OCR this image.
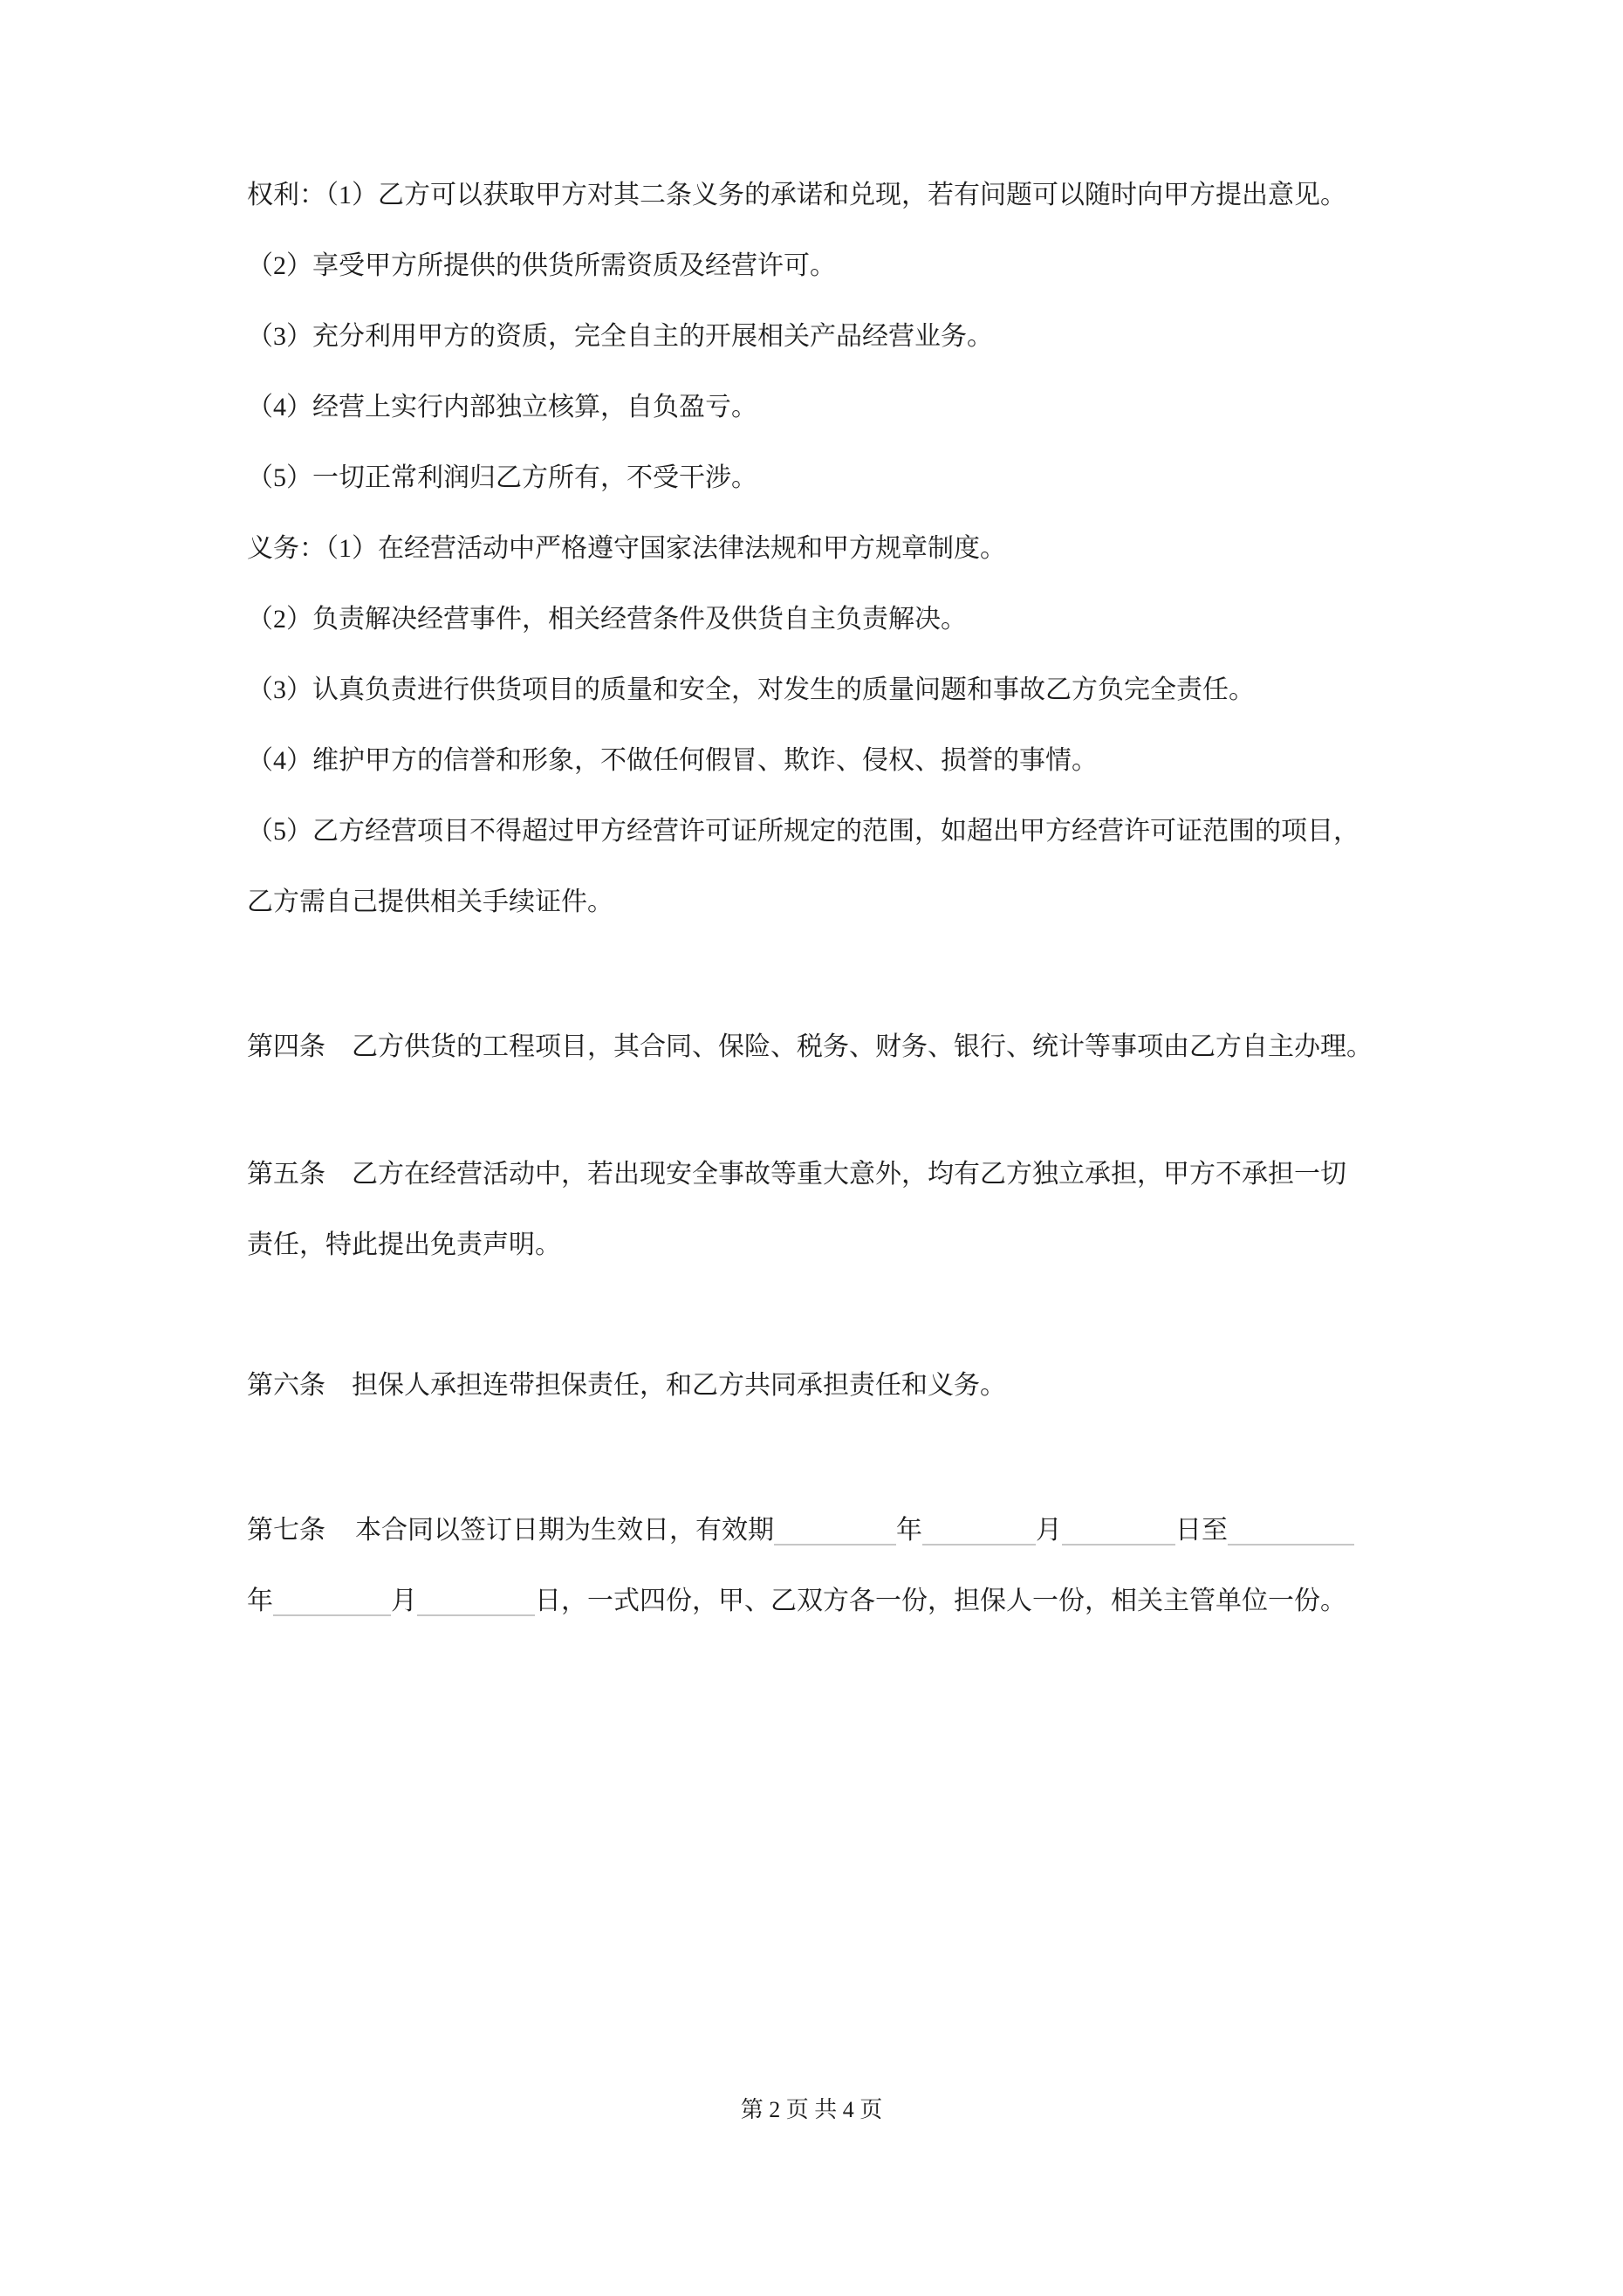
权利：（1）乙方可以获取甲方对其二条义务的承诺和兑现，若有问题可以随时向甲方提出意见。

（2）享受甲方所提供的供货所需资质及经营许可。

（3）充分利用甲方的资质，完全自主的开展相关产品经营业务。

（4）经营上实行内部独立核算，自负盈亏。

（5）一切正常利润归乙方所有，不受干涉。

义务：（1）在经营活动中严格遵守国家法律法规和甲方规章制度。

（2）负责解决经营事件，相关经营条件及供货自主负责解决。

（3）认真负责进行供货项目的质量和安全，对发生的质量问题和事故乙方负完全责任。

（4）维护甲方的信誉和形象，不做任何假冒、欺诈、侵权、损誉的事情。

（5）乙方经营项目不得超过甲方经营许可证所规定的范围，如超出甲方经营许可证范围的项目，

乙方需自己提供相关手续证件。

第四条　乙方供货的工程项目，其合同、保险、税务、财务、银行、统计等事项由乙方自主办理。

第五条　乙方在经营活动中，若出现安全事故等重大意外，均有乙方独立承担，甲方不承担一切

责任，特此提出免责声明。

第六条　担保人承担连带担保责任，和乙方共同承担责任和义务。

第七条 本合同以签订日期为生效日，有效期	年	月	日至

年	月	日，一式四份，甲、乙双方各一份，担保人一份，相关主管单位一份。

第 2 页 共 4 页
